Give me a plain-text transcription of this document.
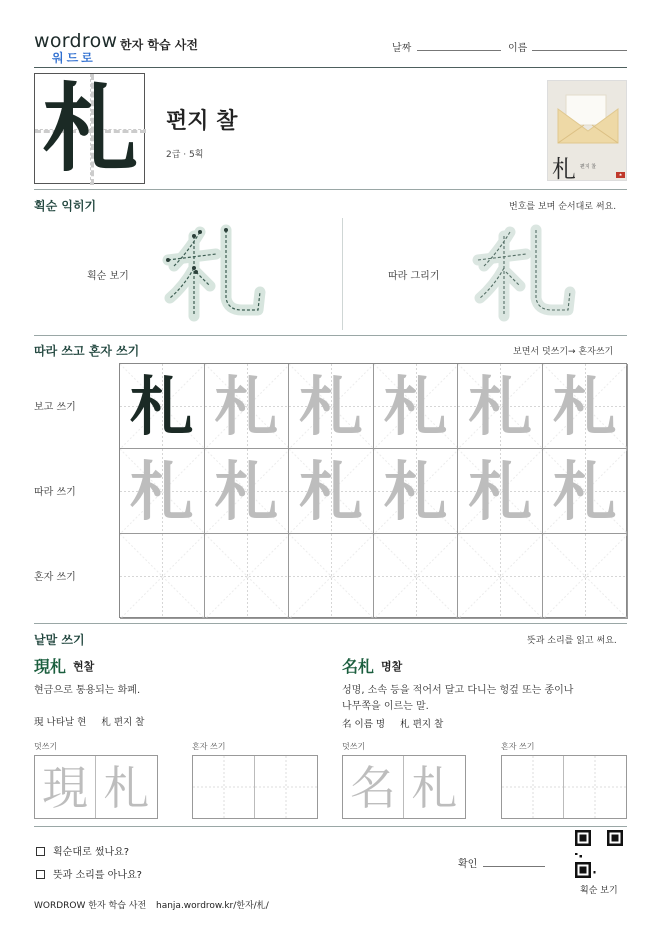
wordrow
워드로
한자 학습 사전	날짜	이름
札	편지 찰
2급 · 5획	札 편지 찰
★
획순 익히기	번호를 보며 순서대로 써요.
획순 보기	따라 그리기
따라 쓰고 혼자 쓰기	보면서 덧쓰기→ 혼자쓰기
보고 쓰기
따라 쓰기
혼자 쓰기
札 札 札 札 札 札
札 札 札 札 札 札
낱말 쓰기	뜻과 소리를 읽고 써요.
現札 현찰
현금으로 통용되는 화폐.
現 나타날 현     札 편지 찰
덧쓰기	혼자 쓰기
現 札
名札 명찰
성명, 소속 등을 적어서 달고 다니는 헝겊 또는 종이나
나무쪽을 이르는 말.
名 이름 명     札 편지 찰
덧쓰기	혼자 쓰기
名 札
획순대로 썼나요?
뜻과 소리를 아나요?
확인
획순 보기
WORDROW 한자 학습 사전 hanja.wordrow.kr/한자/札/
